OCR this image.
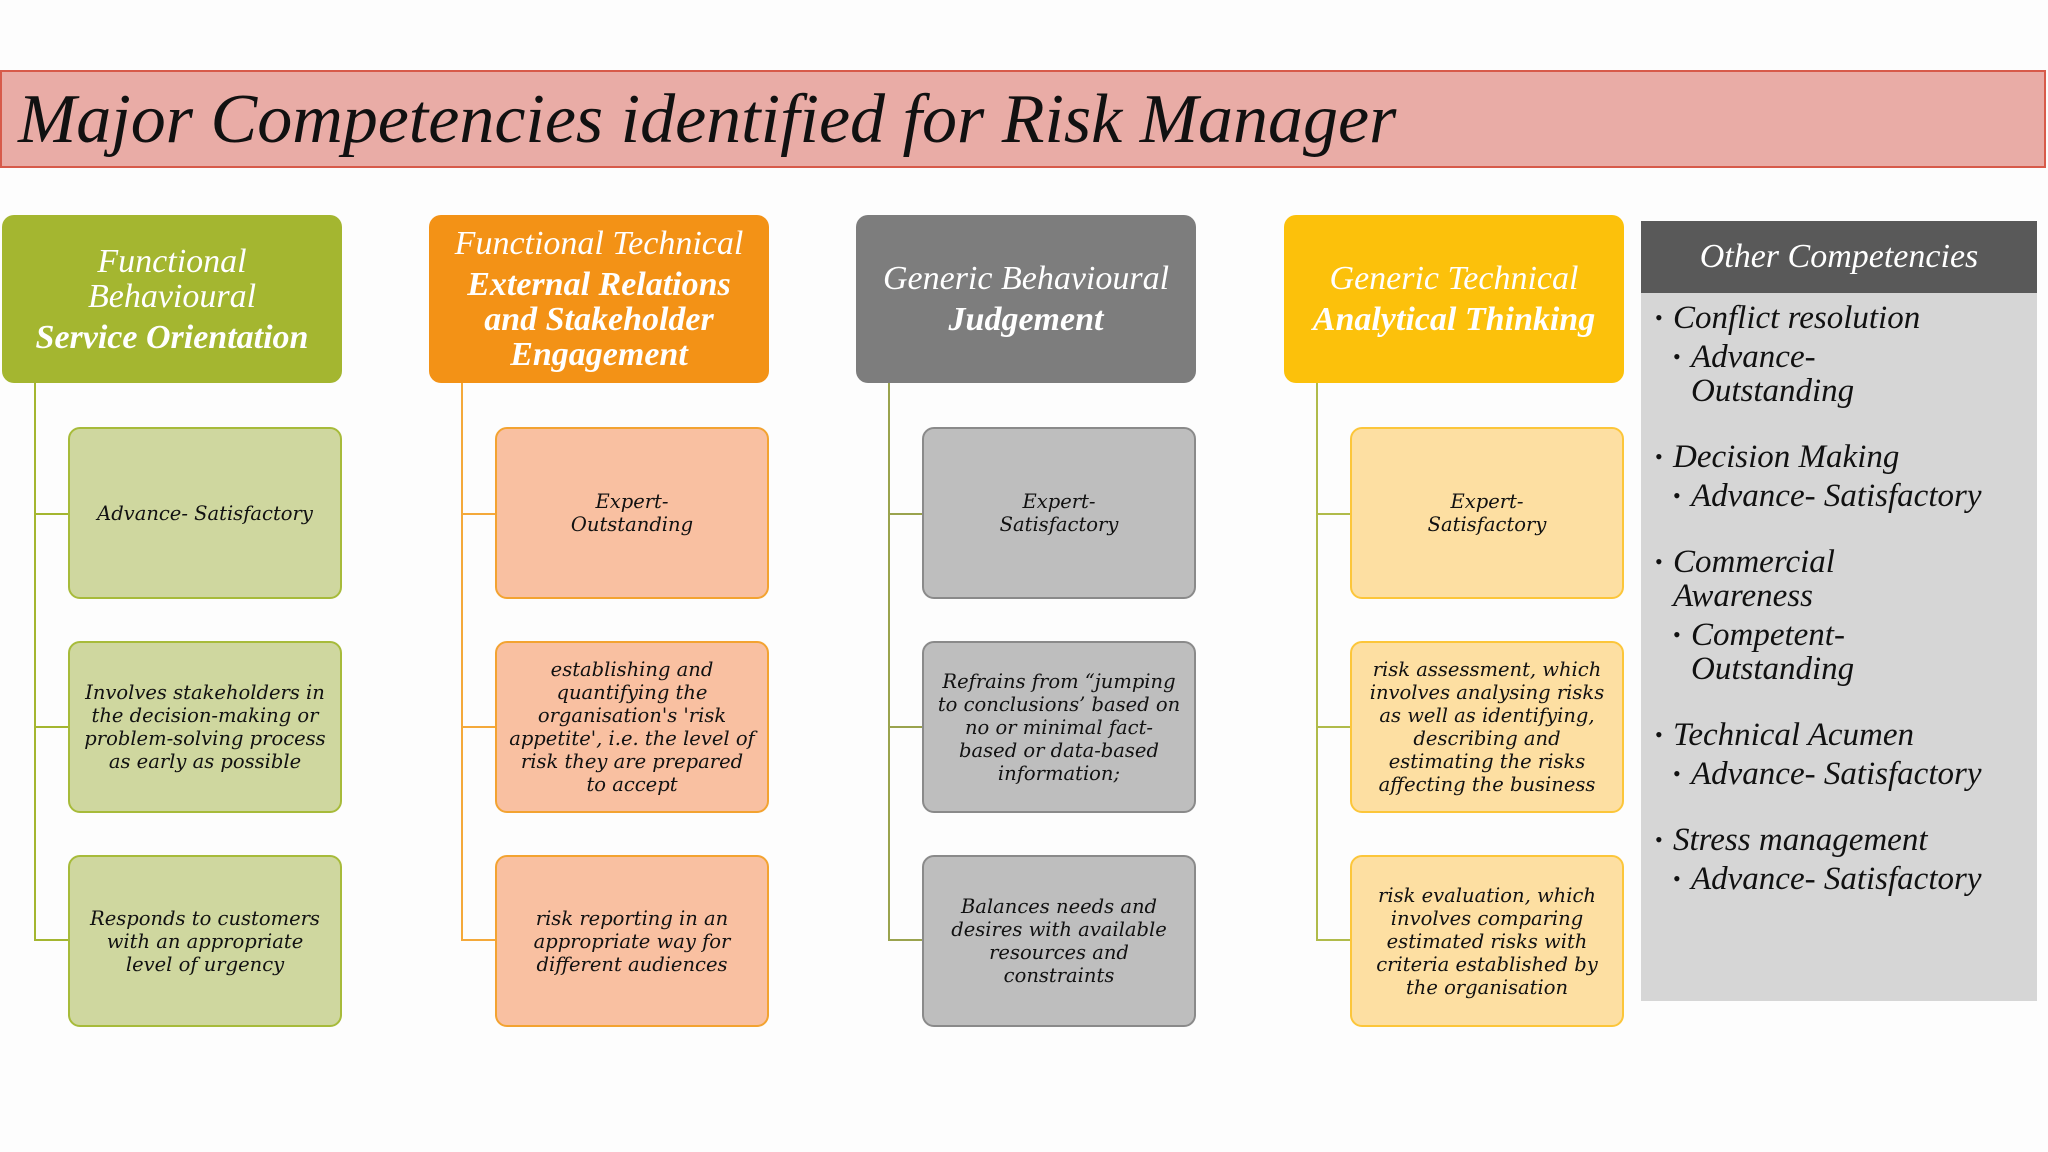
Major Competencies identified for Risk Manager
Functional Behavioural
Service Orientation
Advance- Satisfactory
Involves stakeholders in the decision-making or problem-solving process as early as possible
Responds to customers with an appropriate level of urgency
Functional Technical
External Relations and Stakeholder Engagement
Expert- Outstanding
establishing and quantifying the organisation's 'risk appetite', i.e. the level of risk they are prepared to accept
risk reporting in an appropriate way for different audiences
Generic Behavioural
Judgement
Expert- Satisfactory
Refrains from “jumping to conclusions’ based on no or minimal fact-based or data-based information;
Balances needs and desires with available resources and constraints
Generic Technical
Analytical Thinking
Expert- Satisfactory
risk assessment, which involves analysing risks as well as identifying, describing and estimating the risks affecting the business
risk evaluation, which involves comparing estimated risks with criteria established by the organisation
Other Competencies
• Conflict resolution
• Advance- Outstanding
• Decision Making
• Advance- Satisfactory
• Commercial Awareness
• Competent- Outstanding
• Technical Acumen
• Advance- Satisfactory
• Stress management
• Advance- Satisfactory
